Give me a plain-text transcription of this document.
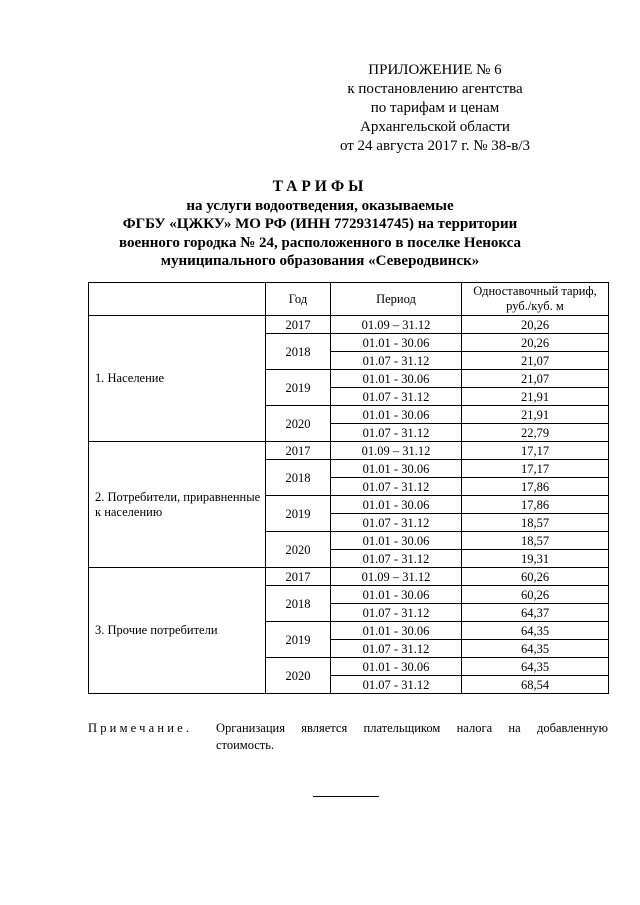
ПРИЛОЖЕНИЕ № 6
к постановлению агентства
по тарифам и ценам
Архангельской области
от 24 августа 2017 г. № 38-в/3
ТАРИФЫ
на услуги водоотведения, оказываемые
ФГБУ «ЦЖКУ» МО РФ (ИНН 7729314745) на территории
военного городка № 24, расположенного в поселке Ненокса
муниципального образования «Северодвинск»
	Год	Период	Одноставочный тариф, руб./куб. м
1. Население	2017	01.09 – 31.12	20,26
	2018	01.01 - 30.06	20,26
		01.07 - 31.12	21,07
	2019	01.01 - 30.06	21,07
		01.07 - 31.12	21,91
	2020	01.01 - 30.06	21,91
		01.07 - 31.12	22,79
2. Потребители, приравненные к населению	2017	01.09 – 31.12	17,17
	2018	01.01 - 30.06	17,17
		01.07 - 31.12	17,86
	2019	01.01 - 30.06	17,86
		01.07 - 31.12	18,57
	2020	01.01 - 30.06	18,57
		01.07 - 31.12	19,31
3. Прочие потребители	2017	01.09 – 31.12	60,26
	2018	01.01 - 30.06	60,26
		01.07 - 31.12	64,37
	2019	01.01 - 30.06	64,35
		01.07 - 31.12	64,35
	2020	01.01 - 30.06	64,35
		01.07 - 31.12	68,54
Примечание. Организация является плательщиком налога на добавленную
стоимость.
